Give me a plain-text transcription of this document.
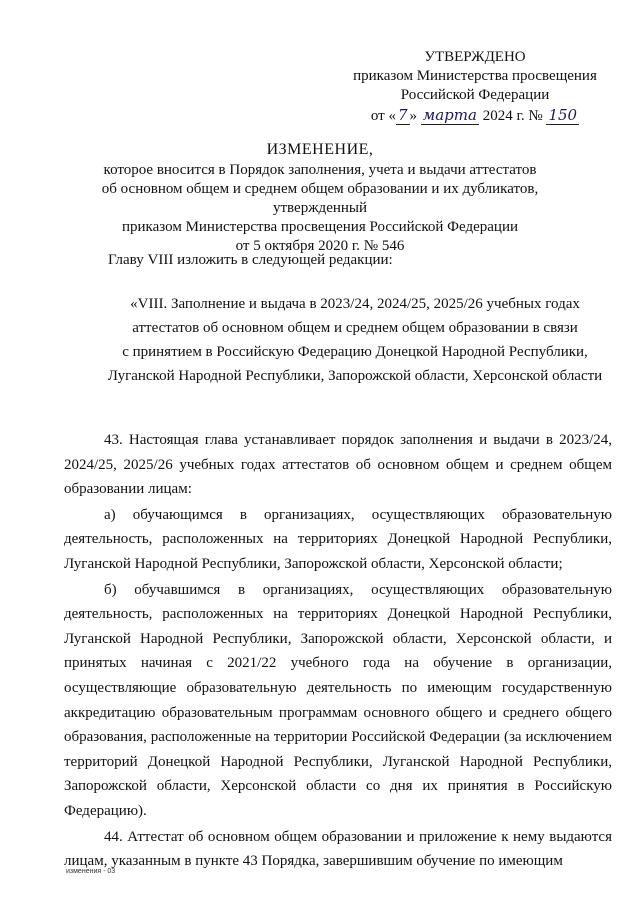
УТВЕРЖДЕНО
приказом Министерства просвещения
Российской Федерации
от « 7 » марта 2024 г. № 150
ИЗМЕНЕНИЕ,
которое вносится в Порядок заполнения, учета и выдачи аттестатов
об основном общем и среднем общем образовании и их дубликатов, утвержденный
приказом Министерства просвещения Российской Федерации
от 5 октября 2020 г. № 546
Главу VIII изложить в следующей редакции:
«VIII. Заполнение и выдача в 2023/24, 2024/25, 2025/26 учебных годах
аттестатов об основном общем и среднем общем образовании в связи
с принятием в Российскую Федерацию Донецкой Народной Республики,
Луганской Народной Республики, Запорожской области, Херсонской области

43. Настоящая глава устанавливает порядок заполнения и выдачи в 2023/24, 2024/25, 2025/26 учебных годах аттестатов об основном общем и среднем общем образовании лицам:

а) обучающимся в организациях, осуществляющих образовательную деятельность, расположенных на территориях Донецкой Народной Республики, Луганской Народной Республики, Запорожской области, Херсонской области;

б) обучавшимся в организациях, осуществляющих образовательную деятельность, расположенных на территориях Донецкой Народной Республики, Луганской Народной Республики, Запорожской области, Херсонской области, и принятых начиная с 2021/22 учебного года на обучение в организации, осуществляющие образовательную деятельность по имеющим государственную аккредитацию образовательным программам основного общего и среднего общего образования, расположенные на территории Российской Федерации (за исключением территорий Донецкой Народной Республики, Луганской Народной Республики, Запорожской области, Херсонской области со дня их принятия в Российскую Федерацию).

44. Аттестат об основном общем образовании и приложение к нему выдаются лицам, указанным в пункте 43 Порядка, завершившим обучение по имеющим

изменения - 03
